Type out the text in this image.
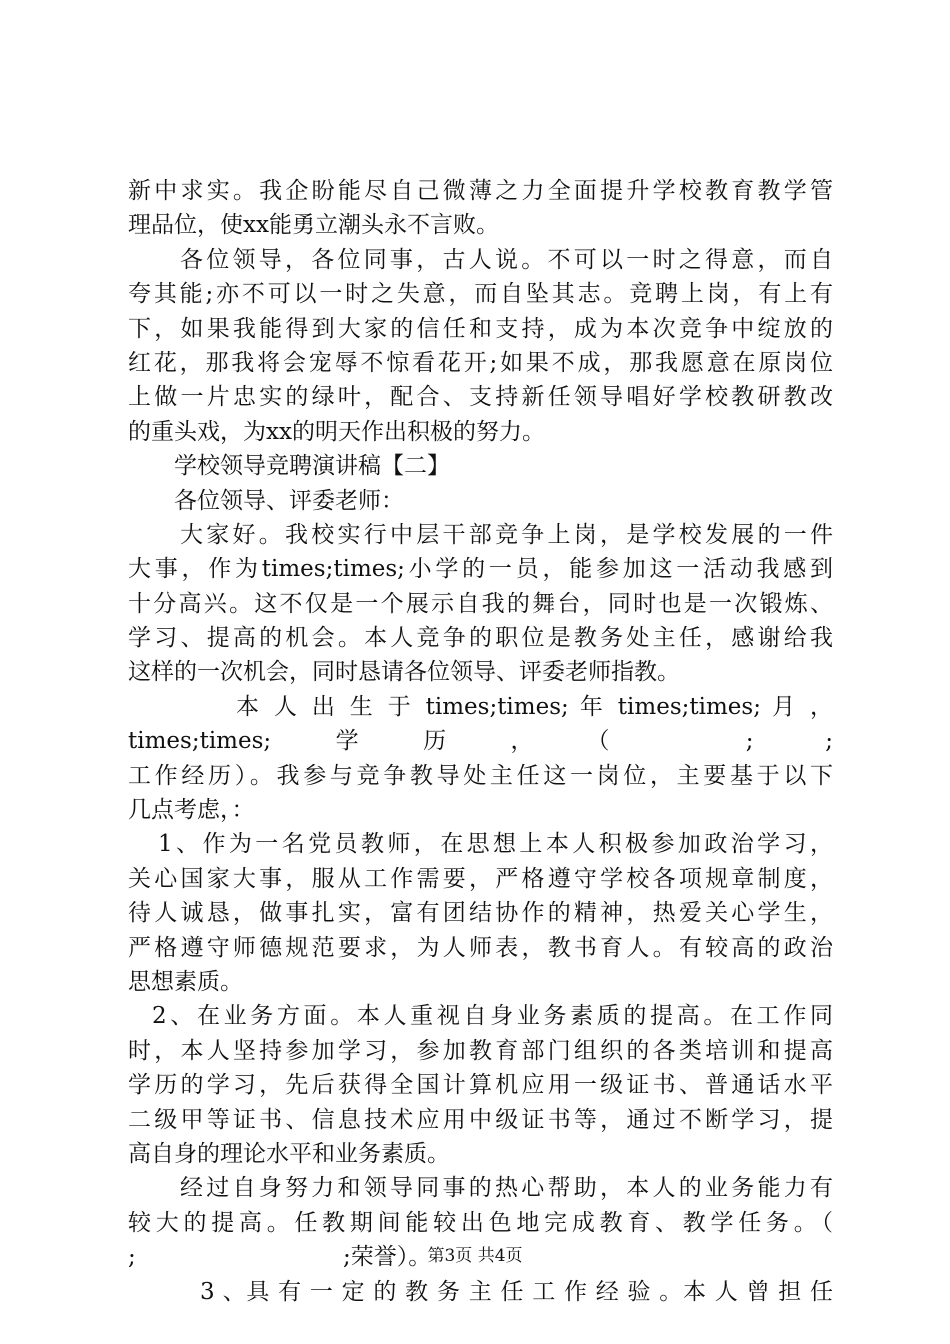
新中求实。我企盼能尽自己微薄之力全面提升学校教育教学管
理品位，使xx能勇立潮头永不言败。
各位领导，各位同事，古人说。不可以一时之得意，而自
夸其能;亦不可以一时之失意，而自坠其志。竞聘上岗，有上有
下，如果我能得到大家的信任和支持，成为本次竞争中绽放的
红花，那我将会宠辱不惊看花开;如果不成，那我愿意在原岗位
上做一片忠实的绿叶，配合、支持新任领导唱好学校教研教改
的重头戏，为xx的明天作出积极的努力。
学校领导竞聘演讲稿【二】
各位领导、评委老师：
大家好。我校实行中层干部竞争上岗，是学校发展的一件
大事，作为times;times;小学的一员，能参加这一活动我感到
十分高兴。这不仅是一个展示自我的舞台，同时也是一次锻炼、
学习、提高的机会。本人竞争的职位是教务处主任，感谢给我
这样的一次机会，同时恳请各位领导、评委老师指教。
本 人 出 生 于 times;times; 年 times;times; 月 ，
times;times;学历，（ ; ;
工作经历）。我参与竞争教导处主任这一岗位，主要基于以下
几点考虑，：
1、作为一名党员教师，在思想上本人积极参加政治学习，
关心国家大事，服从工作需要，严格遵守学校各项规章制度，
待人诚恳，做事扎实，富有团结协作的精神，热爱关心学生，
严格遵守师德规范要求，为人师表，教书育人。有较高的政治
思想素质。
2、在业务方面。本人重视自身业务素质的提高。在工作同
时，本人坚持参加学习，参加教育部门组织的各类培训和提高
学历的学习，先后获得全国计算机应用一级证书、普通话水平
二级甲等证书、信息技术应用中级证书等，通过不断学习，提
高自身的理论水平和业务素质。
经过自身努力和领导同事的热心帮助，本人的业务能力有
较大的提高。任教期间能较出色地完成教育、教学任务。（
; ;荣誉）。
3 、具 有 一 定 的 教 务 主 任 工 作 经 验 。本 人 曾 担 任
第3页 共4页
